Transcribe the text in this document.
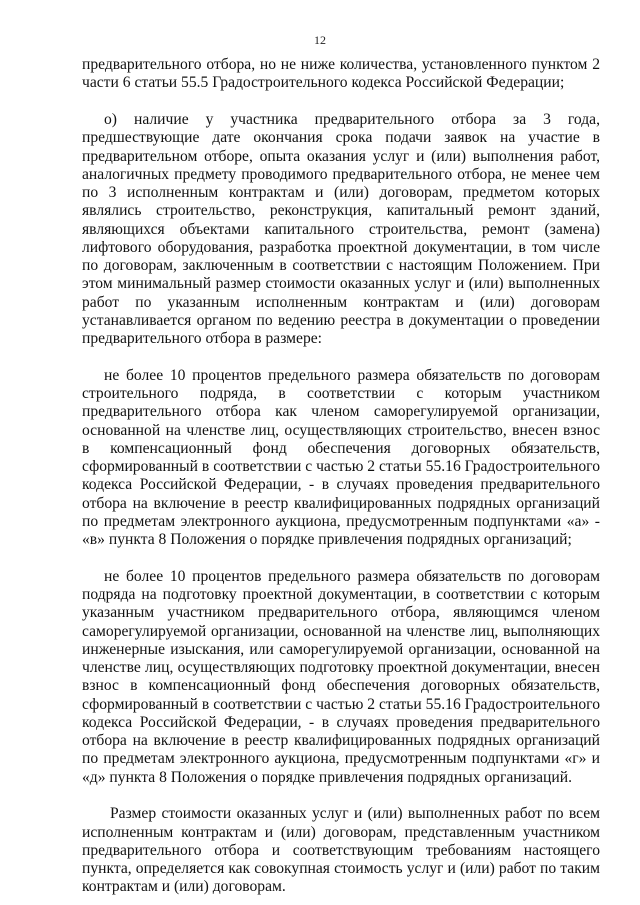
12

предварительного отбора, но не ниже количества, установленного пунктом 2 части 6 статьи 55.5 Градостроительного кодекса Российской Федерации;

о) наличие у участника предварительного отбора за 3 года, предшествующие дате окончания срока подачи заявок на участие в предварительном отборе, опыта оказания услуг и (или) выполнения работ, аналогичных предмету проводимого предварительного отбора, не менее чем по 3 исполненным контрактам и (или) договорам, предметом которых являлись строительство, реконструкция, капитальный ремонт зданий, являющихся объектами капитального строительства, ремонт (замена) лифтового оборудования, разработка проектной документации, в том числе по договорам, заключенным в соответствии с настоящим Положением. При этом минимальный размер стоимости оказанных услуг и (или) выполненных работ по указанным исполненным контрактам и (или) договорам устанавливается органом по ведению реестра в документации о проведении предварительного отбора в размере:

не более 10 процентов предельного размера обязательств по договорам строительного подряда, в соответствии с которым участником предварительного отбора как членом саморегулируемой организации, основанной на членстве лиц, осуществляющих строительство, внесен взнос в компенсационный фонд обеспечения договорных обязательств, сформированный в соответствии с частью 2 статьи 55.16 Градостроительного кодекса Российской Федерации, - в случаях проведения предварительного отбора на включение в реестр квалифицированных подрядных организаций по предметам электронного аукциона, предусмотренным подпунктами «а» - «в» пункта 8 Положения о порядке привлечения подрядных организаций;

не более 10 процентов предельного размера обязательств по договорам подряда на подготовку проектной документации, в соответствии с которым указанным участником предварительного отбора, являющимся членом саморегулируемой организации, основанной на членстве лиц, выполняющих инженерные изыскания, или саморегулируемой организации, основанной на членстве лиц, осуществляющих подготовку проектной документации, внесен взнос в компенсационный фонд обеспечения договорных обязательств, сформированный в соответствии с частью 2 статьи 55.16 Градостроительного кодекса Российской Федерации, - в случаях проведения предварительного отбора на включение в реестр квалифицированных подрядных организаций по предметам электронного аукциона, предусмотренным подпунктами «г» и «д» пункта 8 Положения о порядке привлечения подрядных организаций.

Размер стоимости оказанных услуг и (или) выполненных работ по всем исполненным контрактам и (или) договорам, представленным участником предварительного отбора и соответствующим требованиям настоящего пункта, определяется как совокупная стоимость услуг и (или) работ по таким контрактам и (или) договорам.
